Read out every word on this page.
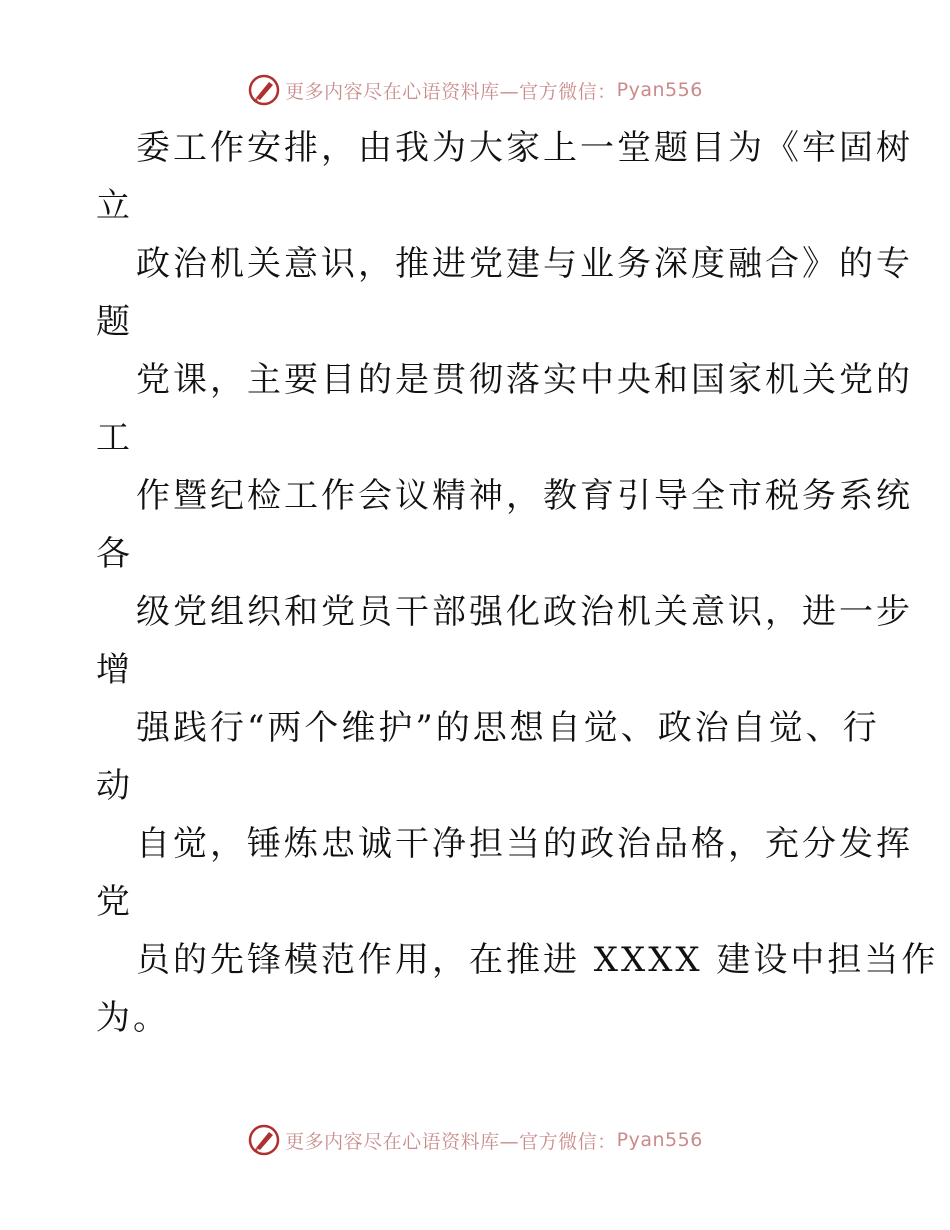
更多内容尽在心语资料库—官方微信： Pyan556
委工作安排，由我为大家上一堂题目为《牢固树
立
政治机关意识，推进党建与业务深度融合》的专
题
党课，主要目的是贯彻落实中央和国家机关党的
工
作暨纪检工作会议精神，教育引导全市税务系统
各
级党组织和党员干部强化政治机关意识，进一步
增
强践行“两个维护”的思想自觉、政治自觉、行
动
自觉，锤炼忠诚干净担当的政治品格，充分发挥
党
员的先锋模范作用，在推进 XXXX 建设中担当作
为。
更多内容尽在心语资料库—官方微信： Pyan556
